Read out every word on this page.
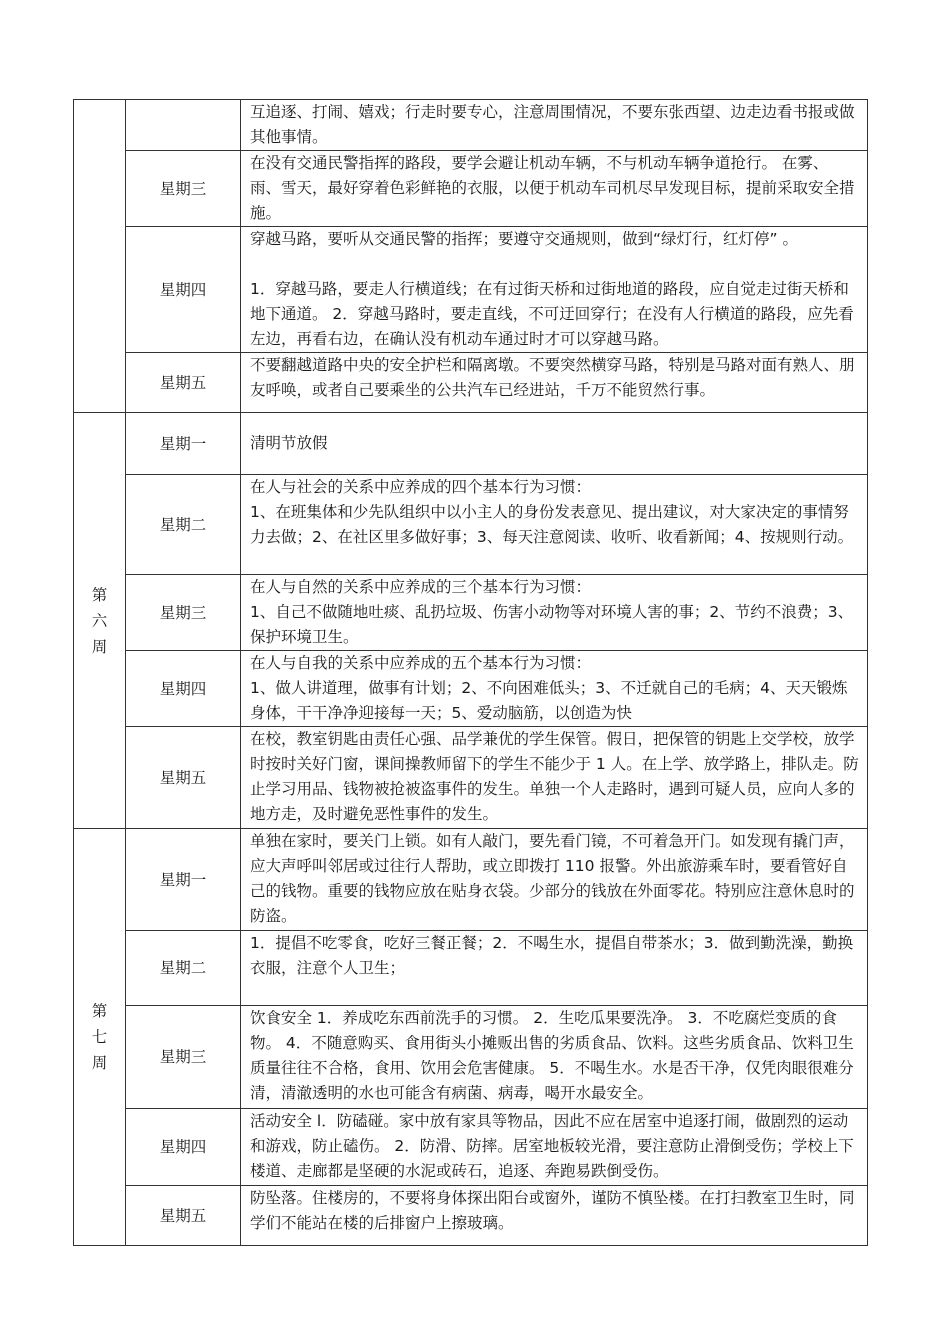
		互追逐、打闹、嬉戏；行走时要专心，注意周围情况，不要东张西望、边走边看书报或做其他事情。

	星期三	在没有交通民警指挥的路段，要学会避让机动车辆，不与机动车辆争道抢行。 在雾、雨、雪天，最好穿着色彩鲜艳的衣服，以便于机动车司机尽早发现目标，提前采取安全措施。

	星期四	穿越马路，要听从交通民警的指挥；要遵守交通规则，做到“绿灯行，红灯停” 。

1．穿越马路，要走人行横道线；在有过街天桥和过街地道的路段，应自觉走过街天桥和地下通道。 2．穿越马路时，要走直线，不可迂回穿行；在没有人行横道的路段，应先看左边，再看右边，在确认没有机动车通过时才可以穿越马路。

	星期五	不要翻越道路中央的安全护栏和隔离墩。不要突然横穿马路，特别是马路对面有熟人、朋友呼唤，或者自己要乘坐的公共汽车已经进站，千万不能贸然行事。

第六周	星期一	清明节放假

	星期二	在人与社会的关系中应养成的四个基本行为习惯：
1、在班集体和少先队组织中以小主人的身份发表意见、提出建议，对大家决定的事情努力去做；2、在社区里多做好事；3、每天注意阅读、收听、收看新闻；4、按规则行动。

	星期三	在人与自然的关系中应养成的三个基本行为习惯：
1、自己不做随地吐痰、乱扔垃圾、伤害小动物等对环境人害的事；2、节约不浪费；3、保护环境卫生。

	星期四	在人与自我的关系中应养成的五个基本行为习惯：
1、做人讲道理，做事有计划；2、不向困难低头；3、不迁就自己的毛病；4、天天锻炼身体，干干净净迎接每一天；5、爱动脑筋，以创造为快

	星期五	在校，教室钥匙由责任心强、品学兼优的学生保管。假日，把保管的钥匙上交学校，放学时按时关好门窗，课间操教师留下的学生不能少于 1 人。在上学、放学路上，排队走。防止学习用品、钱物被抢被盗事件的发生。单独一个人走路时，遇到可疑人员，应向人多的地方走，及时避免恶性事件的发生。

第七周	星期一	单独在家时，要关门上锁。如有人敲门，要先看门镜，不可着急开门。如发现有撬门声，应大声呼叫邻居或过往行人帮助，或立即拨打 110 报警。外出旅游乘车时，要看管好自己的钱物。重要的钱物应放在贴身衣袋。少部分的钱放在外面零花。特别应注意休息时的防盗。

	星期二	1．提倡不吃零食，吃好三餐正餐；2．不喝生水，提倡自带茶水；3．做到勤洗澡，勤换衣服，注意个人卫生；

	星期三	饮食安全 1．养成吃东西前洗手的习惯。 2．生吃瓜果要洗净。 3．不吃腐烂变质的食物。 4．不随意购买、食用街头小摊贩出售的劣质食品、饮料。这些劣质食品、饮料卫生质量往往不合格，食用、饮用会危害健康。 5．不喝生水。水是否干净，仅凭肉眼很难分清，清澈透明的水也可能含有病菌、病毒，喝开水最安全。

	星期四	活动安全 l．防磕碰。家中放有家具等物品，因此不应在居室中追逐打闹，做剧烈的运动和游戏，防止磕伤。 2．防滑、防摔。居室地板较光滑，要注意防止滑倒受伤；学校上下楼道、走廊都是坚硬的水泥或砖石，追逐、奔跑易跌倒受伤。

	星期五	防坠落。住楼房的，不要将身体探出阳台或窗外，谨防不慎坠楼。在打扫教室卫生时，同学们不能站在楼的后排窗户上擦玻璃。
